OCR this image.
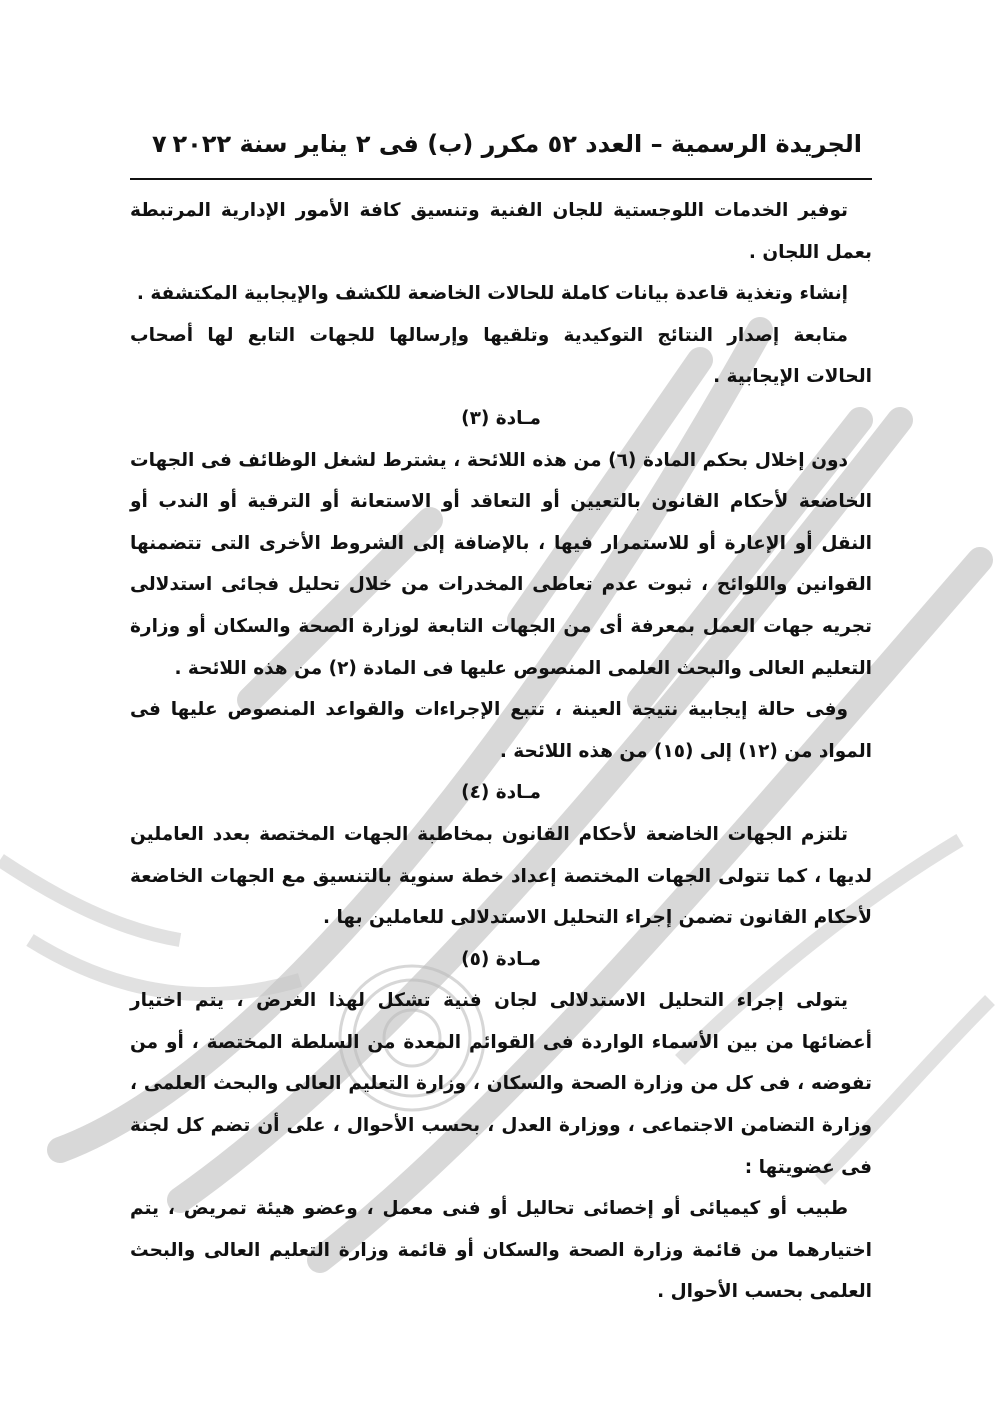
الجريدة الرسمية – العدد ٥٢ مكرر (ب) فى ٢ يناير سنة ٢٠٢٢
٧

توفير الخدمات اللوجستية للجان الفنية وتنسيق كافة الأمور الإدارية المرتبطة بعمل اللجان .

إنشاء وتغذية قاعدة بيانات كاملة للحالات الخاضعة للكشف والإيجابية المكتشفة .

متابعة إصدار النتائج التوكيدية وتلقيها وإرسالها للجهات التابع لها أصحاب الحالات الإيجابية .

مـادة (٣)

دون إخلال بحكم المادة (٦) من هذه اللائحة ، يشترط لشغل الوظائف فى الجهات الخاضعة لأحكام القانون بالتعيين أو التعاقد أو الاستعانة أو الترقية أو الندب أو النقل أو الإعارة أو للاستمرار فيها ، بالإضافة إلى الشروط الأخرى التى تتضمنها القوانين واللوائح ، ثبوت عدم تعاطى المخدرات من خلال تحليل فجائى استدلالى تجريه جهات العمل بمعرفة أى من الجهات التابعة لوزارة الصحة والسكان أو وزارة التعليم العالى والبحث العلمى المنصوص عليها فى المادة (٢) من هذه اللائحة .

وفى حالة إيجابية نتيجة العينة ، تتبع الإجراءات والقواعد المنصوص عليها فى المواد من (١٢) إلى (١٥) من هذه اللائحة .

مـادة (٤)

تلتزم الجهات الخاضعة لأحكام القانون بمخاطبة الجهات المختصة بعدد العاملين لديها ، كما تتولى الجهات المختصة إعداد خطة سنوية بالتنسيق مع الجهات الخاضعة لأحكام القانون تضمن إجراء التحليل الاستدلالى للعاملين بها .

مـادة (٥)

يتولى إجراء التحليل الاستدلالى لجان فنية تشكل لهذا الغرض ، يتم اختيار أعضائها من بين الأسماء الواردة فى القوائم المعدة من السلطة المختصة ، أو من تفوضه ، فى كل من وزارة الصحة والسكان ، وزارة التعليم العالى والبحث العلمى ، وزارة التضامن الاجتماعى ، ووزارة العدل ، بحسب الأحوال ، على أن تضم كل لجنة فى عضويتها :

طبيب أو كيميائى أو إخصائى تحاليل أو فنى معمل ، وعضو هيئة تمريض ، يتم اختيارهما من قائمة وزارة الصحة والسكان أو قائمة وزارة التعليم العالى والبحث العلمى بحسب الأحوال .
